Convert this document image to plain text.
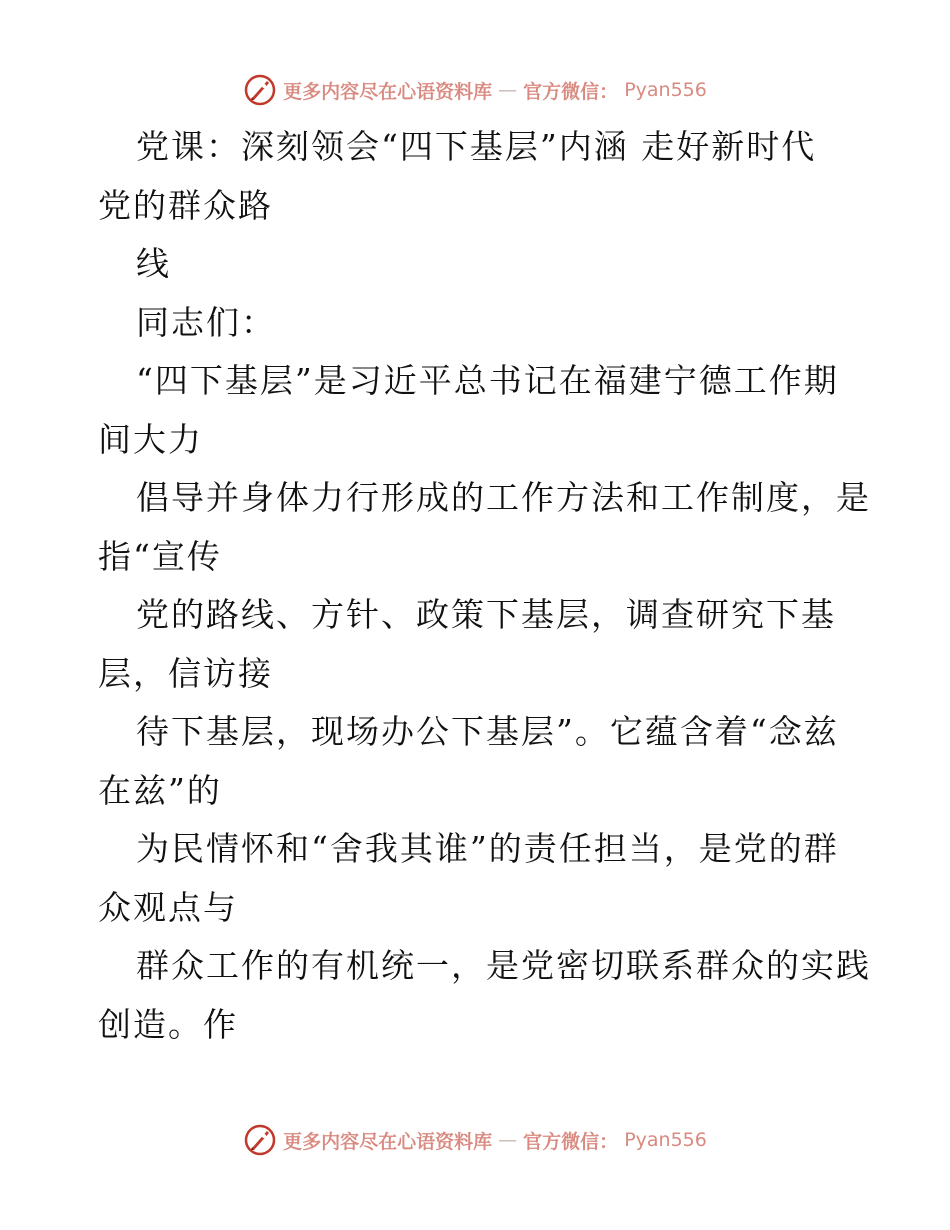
更多内容尽在心语资料库 — 官方微信： Pyan556
党课：深刻领会“四下基层”内涵 走好新时代
党的群众路
线
同志们：
“四下基层”是习近平总书记在福建宁德工作期
间大力
倡导并身体力行形成的工作方法和工作制度，是
指“宣传
党的路线、方针、政策下基层，调查研究下基
层，信访接
待下基层，现场办公下基层”。它蕴含着“念兹
在兹”的
为民情怀和“舍我其谁”的责任担当，是党的群
众观点与
群众工作的有机统一，是党密切联系群众的实践
创造。作
更多内容尽在心语资料库 — 官方微信： Pyan556
